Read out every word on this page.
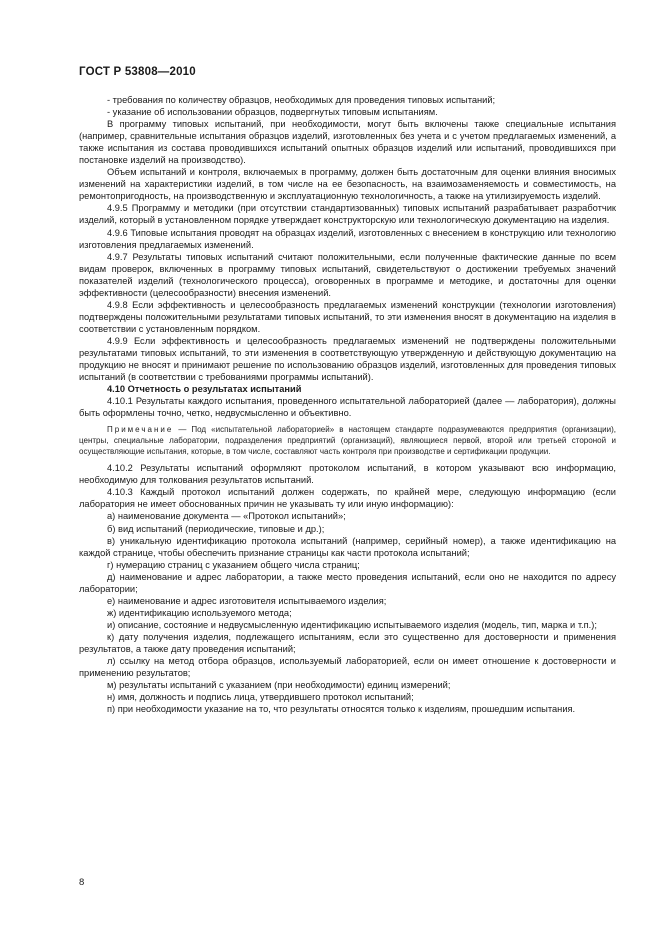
ГОСТ Р 53808—2010

- требования по количеству образцов, необходимых для проведения типовых испытаний;

- указание об использовании образцов, подвергнутых типовым испытаниям.

В программу типовых испытаний, при необходимости, могут быть включены также специальные испытания (например, сравнительные испытания образцов изделий, изготовленных без учета и с учетом предлагаемых изменений, а также испытания из состава проводившихся испытаний опытных образцов изделий или испытаний, проводившихся при постановке изделий на производство).

Объем испытаний и контроля, включаемых в программу, должен быть достаточным для оценки влияния вносимых изменений на характеристики изделий, в том числе на ее безопасность, на взаимозаменяемость и совместимость, на ремонтопригодность, на производственную и эксплуатационную технологичность, а также на утилизируемость изделий.

4.9.5 Программу и методики (при отсутствии стандартизованных) типовых испытаний разрабатывает разработчик изделий, который в установленном порядке утверждает конструкторскую или технологическую документацию на изделия.

4.9.6 Типовые испытания проводят на образцах изделий, изготовленных с внесением в конструкцию или технологию изготовления предлагаемых изменений.

4.9.7 Результаты типовых испытаний считают положительными, если полученные фактические данные по всем видам проверок, включенных в программу типовых испытаний, свидетельствуют о достижении требуемых значений показателей изделий (технологического процесса), оговоренных в программе и методике, и достаточны для оценки эффективности (целесообразности) внесения изменений.

4.9.8 Если эффективность и целесообразность предлагаемых изменений конструкции (технологии изготовления) подтверждены положительными результатами типовых испытаний, то эти изменения вносят в документацию на изделия в соответствии с установленным порядком.

4.9.9 Если эффективность и целесообразность предлагаемых изменений не подтверждены положительными результатами типовых испытаний, то эти изменения в соответствующую утвержденную и действующую документацию на продукцию не вносят и принимают решение по использованию образцов изделий, изготовленных для проведения типовых испытаний (в соответствии с требованиями программы испытаний).

4.10 Отчетность о результатах испытаний

4.10.1 Результаты каждого испытания, проведенного испытательной лабораторией (далее — лаборатория), должны быть оформлены точно, четко, недвусмысленно и объективно.

Примечание — Под «испытательной лабораторией» в настоящем стандарте подразумеваются предприятия (организации), центры, специальные лаборатории, подразделения предприятий (организаций), являющиеся первой, второй или третьей стороной и осуществляющие испытания, которые, в том числе, составляют часть контроля при производстве и сертификации продукции.

4.10.2 Результаты испытаний оформляют протоколом испытаний, в котором указывают всю информацию, необходимую для толкования результатов испытаний.

4.10.3 Каждый протокол испытаний должен содержать, по крайней мере, следующую информацию (если лаборатория не имеет обоснованных причин не указывать ту или иную информацию):

а) наименование документа — «Протокол испытаний»;

б) вид испытаний (периодические, типовые и др.);

в) уникальную идентификацию протокола испытаний (например, серийный номер), а также идентификацию на каждой странице, чтобы обеспечить признание страницы как части протокола испытаний;

г) нумерацию страниц с указанием общего числа страниц;

д) наименование и адрес лаборатории, а также место проведения испытаний, если оно не находится по адресу лаборатории;

е) наименование и адрес изготовителя испытываемого изделия;

ж) идентификацию используемого метода;

и) описание, состояние и недвусмысленную идентификацию испытываемого изделия (модель, тип, марка и т.п.);

к) дату получения изделия, подлежащего испытаниям, если это существенно для достоверности и применения результатов, а также дату проведения испытаний;

л) ссылку на метод отбора образцов, используемый лабораторией, если он имеет отношение к достоверности и применению результатов;

м) результаты испытаний с указанием (при необходимости) единиц измерений;

н) имя, должность и подпись лица, утвердившего протокол испытаний;

п) при необходимости указание на то, что результаты относятся только к изделиям, прошедшим испытания.

8
